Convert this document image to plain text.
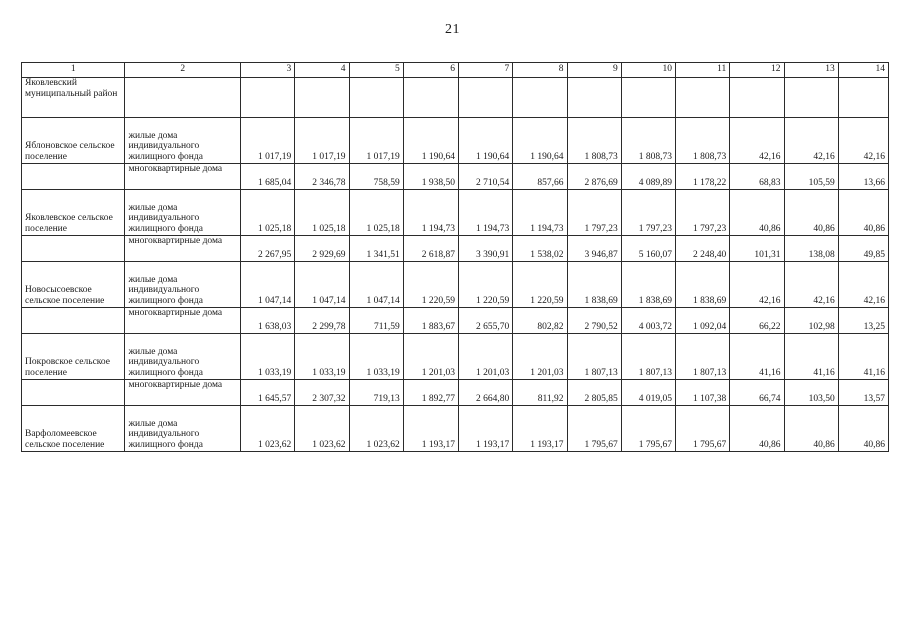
21
1	2	3	4	5	6	7	8	9	10	11	12	13	14
Яковлевский муниципальный район													
Яблоновское сельское поселение	жилые дома индивидуального жилищного фонда	1 017,19	1 017,19	1 017,19	1 190,64	1 190,64	1 190,64	1 808,73	1 808,73	1 808,73	42,16	42,16	42,16
	многоквартирные дома	1 685,04	2 346,78	758,59	1 938,50	2 710,54	857,66	2 876,69	4 089,89	1 178,22	68,83	105,59	13,66
Яковлевское сельское поселение	жилые дома индивидуального жилищного фонда	1 025,18	1 025,18	1 025,18	1 194,73	1 194,73	1 194,73	1 797,23	1 797,23	1 797,23	40,86	40,86	40,86
	многоквартирные дома	2 267,95	2 929,69	1 341,51	2 618,87	3 390,91	1 538,02	3 946,87	5 160,07	2 248,40	101,31	138,08	49,85
Новосысоевское сельское поселение	жилые дома индивидуального жилищного фонда	1 047,14	1 047,14	1 047,14	1 220,59	1 220,59	1 220,59	1 838,69	1 838,69	1 838,69	42,16	42,16	42,16
	многоквартирные дома	1 638,03	2 299,78	711,59	1 883,67	2 655,70	802,82	2 790,52	4 003,72	1 092,04	66,22	102,98	13,25
Покровское сельское поселение	жилые дома индивидуального жилищного фонда	1 033,19	1 033,19	1 033,19	1 201,03	1 201,03	1 201,03	1 807,13	1 807,13	1 807,13	41,16	41,16	41,16
	многоквартирные дома	1 645,57	2 307,32	719,13	1 892,77	2 664,80	811,92	2 805,85	4 019,05	1 107,38	66,74	103,50	13,57
Варфоломеевское сельское поселение	жилые дома индивидуального жилищного фонда	1 023,62	1 023,62	1 023,62	1 193,17	1 193,17	1 193,17	1 795,67	1 795,67	1 795,67	40,86	40,86	40,86
